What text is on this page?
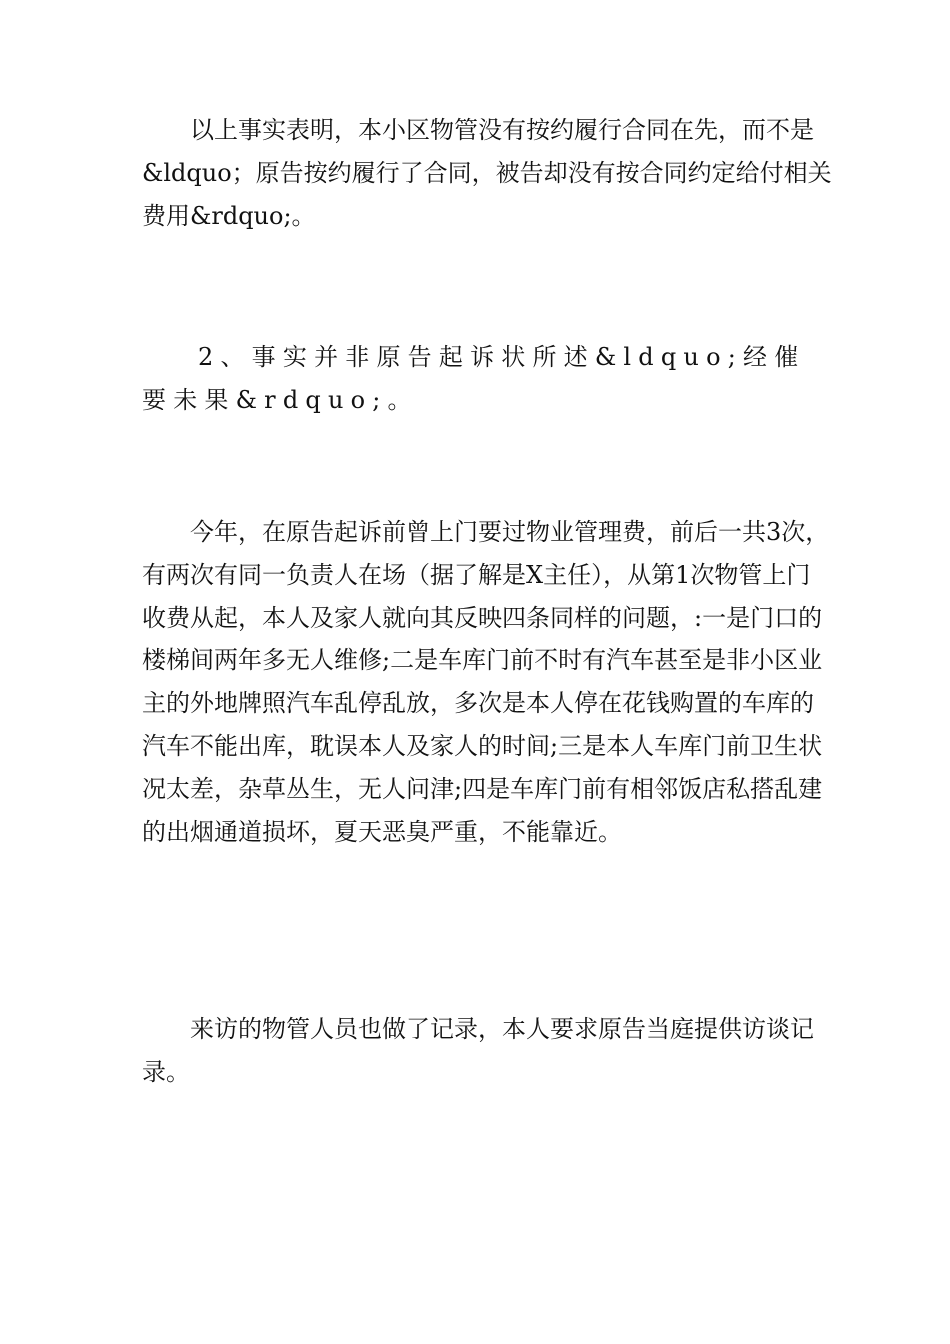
以上事实表明，本小区物管没有按约履行合同在先，而不是&ldquo；原告按约履行了合同，被告却没有按合同约定给付相关费用&rdquo;。

2、事实并非原告起诉状所述&ldquo;经催要未果&rdquo;。

今年，在原告起诉前曾上门要过物业管理费，前后一共3次，有两次有同一负责人在场（据了解是X主任），从第1次物管上门收费从起，本人及家人就向其反映四条同样的问题，:一是门口的楼梯间两年多无人维修;二是车库门前不时有汽车甚至是非小区业主的外地牌照汽车乱停乱放，多次是本人停在花钱购置的车库的汽车不能出库，耽误本人及家人的时间;三是本人车库门前卫生状况太差，杂草丛生，无人问津;四是车库门前有相邻饭店私搭乱建的出烟通道损坏，夏天恶臭严重，不能靠近。

来访的物管人员也做了记录，本人要求原告当庭提供访谈记录。
